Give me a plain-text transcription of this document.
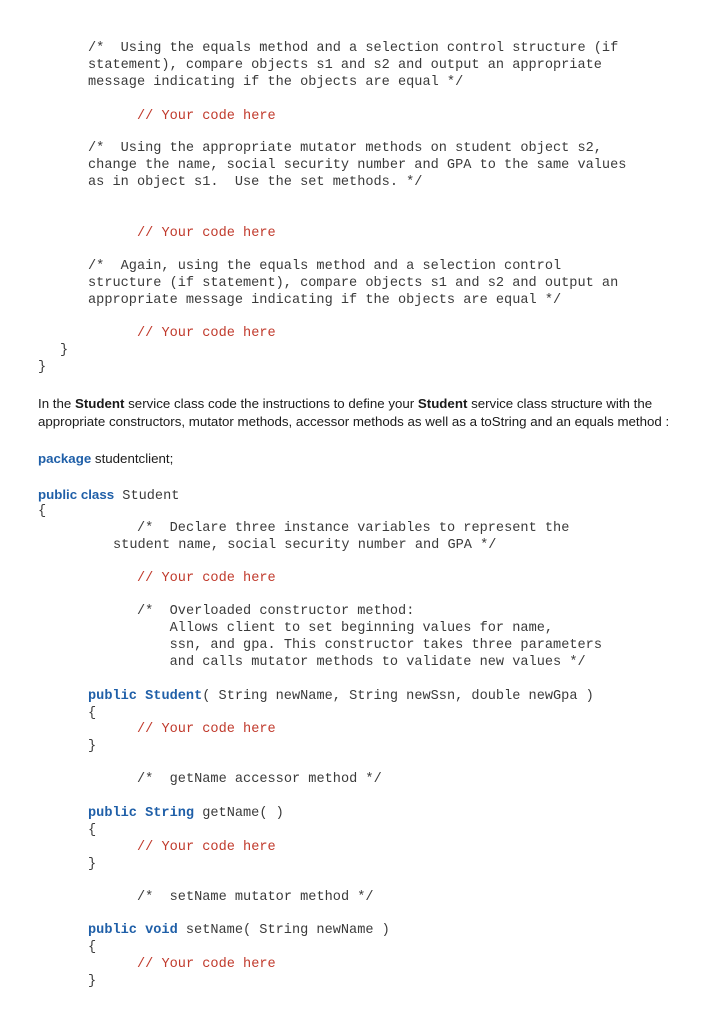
/*  Using the equals method and a selection control structure (if
statement), compare objects s1 and s2 and output an appropriate
message indicating if the objects are equal */
// Your code here
/*  Using the appropriate mutator methods on student object s2,
change the name, social security number and GPA to the same values
as in object s1.  Use the set methods. */
// Your code here
/*  Again, using the equals method and a selection control
structure (if statement), compare objects s1 and s2 and output an
appropriate message indicating if the objects are equal */
// Your code here
}
}
In the Student service class code the instructions to define your Student service class structure with the
appropriate constructors, mutator methods, accessor methods as well as a toString and an equals method :
package studentclient;
public class Student
{
/*  Declare three instance variables to represent the
student name, social security number and GPA */
// Your code here
/*  Overloaded constructor method:
Allows client to set beginning values for name,
ssn, and gpa. This constructor takes three parameters
and calls mutator methods to validate new values */
public Student( String newName, String newSsn, double newGpa )
{
// Your code here
}
/*  getName accessor method */
public String getName( )
{
// Your code here
}
/*  setName mutator method */
public void setName( String newName )
{
// Your code here
}
